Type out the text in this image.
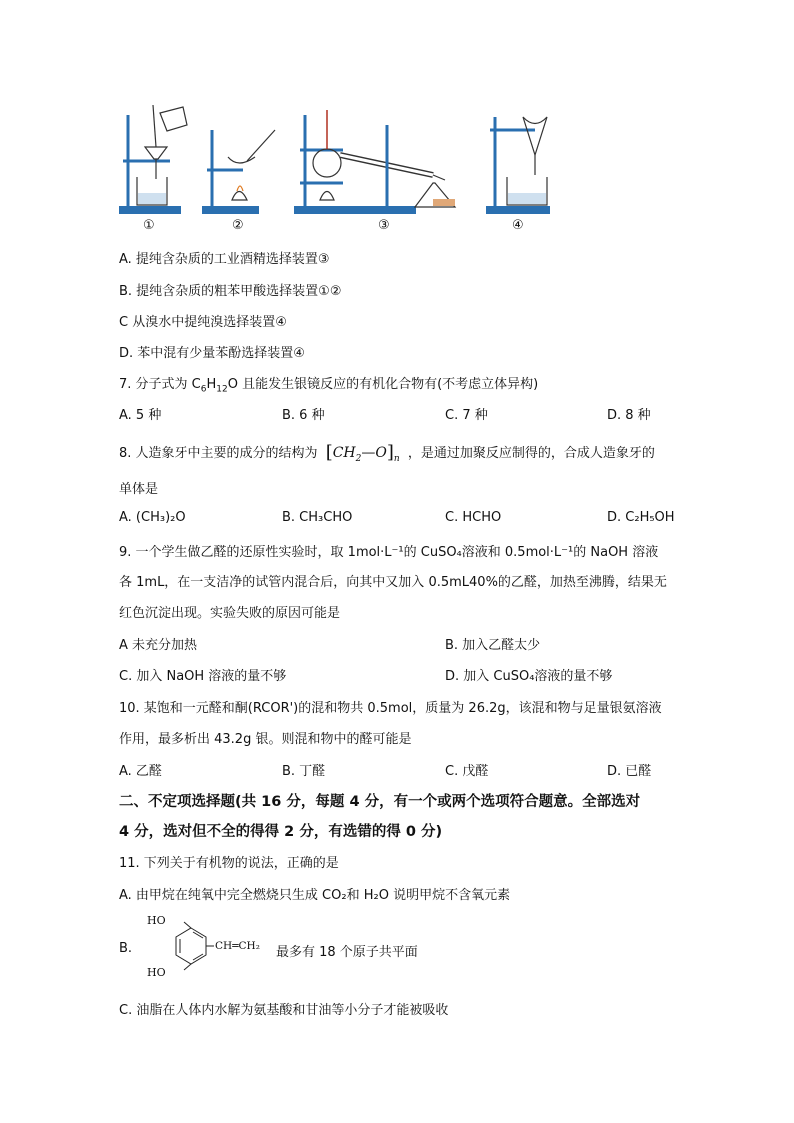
①	②	③	④
A. 提纯含杂质的工业酒精选择装置③
B. 提纯含杂质的粗苯甲酸选择装置①②
C 从溴水中提纯溴选择装置④
D. 苯中混有少量苯酚选择装置④
7. 分子式为 $C_6H_{12}O$ 且能发生银镜反应的有机化合物有(不考虑立体异构)
A. 5 种	B. 6 种	C. 7 种	D. 8 种
8. 人造象牙中主要的成分的结构为 $[CH_2—O]_n$ ，是通过加聚反应制得的，合成人造象牙的
单体是
A. (CH₃)₂O	B. CH₃CHO	C. HCHO	D. C₂H₅OH
9. 一个学生做乙醛的还原性实验时，取 1mol·L⁻¹的 CuSO₄溶液和 0.5mol·L⁻¹的 NaOH 溶液
各 1mL，在一支洁净的试管内混合后，向其中又加入 0.5mL40%的乙醛，加热至沸腾，结果无
红色沉淀出现。实验失败的原因可能是
A 未充分加热	B. 加入乙醛太少
C. 加入 NaOH 溶液的量不够	D. 加入 CuSO₄溶液的量不够
10. 某饱和一元醛和酮(RCOR')的混和物共 0.5mol，质量为 26.2g，该混和物与足量银氨溶液
作用，最多析出 43.2g 银。则混和物中的醛可能是
A. 乙醛	B. 丁醛	C. 戊醛	D. 已醛
二、不定项选择题(共 16 分，每题 4 分，有一个或两个选项符合题意。全部选对
4 分，选对但不全的得得 2 分，有选错的得 0 分)
11. 下列关于有机物的说法，正确的是
A. 由甲烷在纯氧中完全燃烧只生成 CO₂和 H₂O 说明甲烷不含氧元素
B.
HO
HO
CH═CH₂ 最多有 18 个原子共平面
C. 油脂在人体内水解为氨基酸和甘油等小分子才能被吸收
